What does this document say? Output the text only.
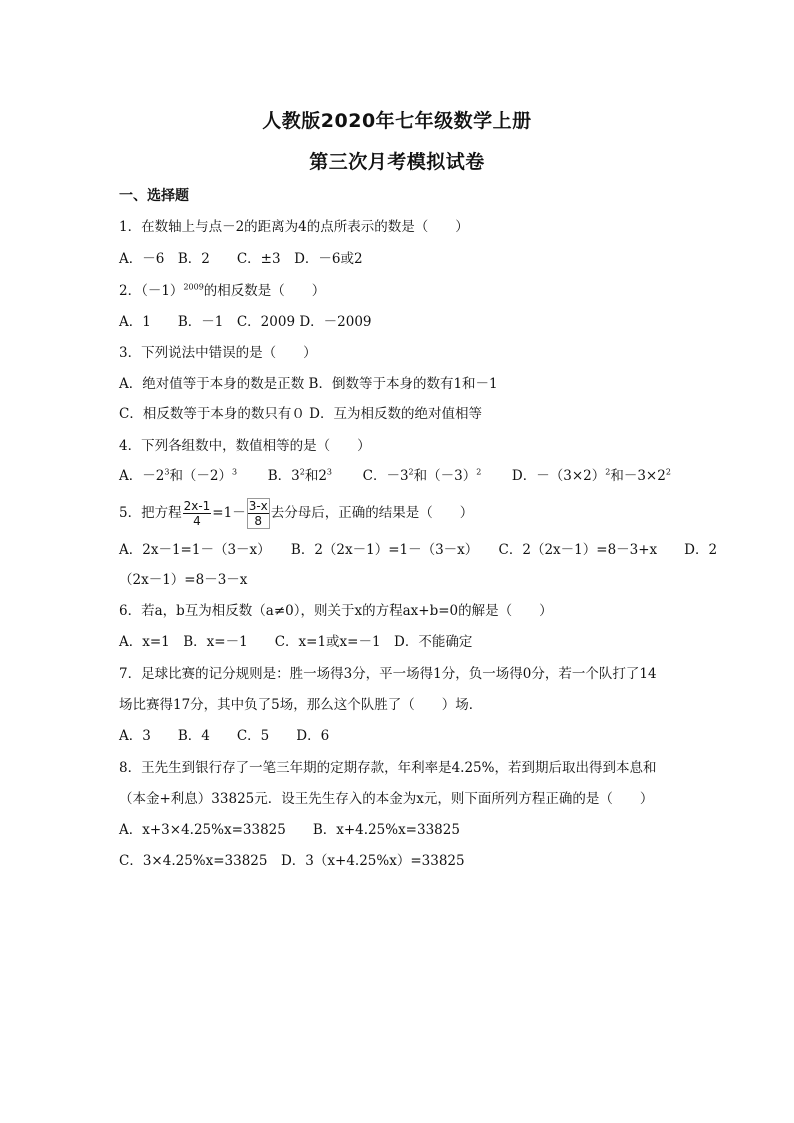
人教版2020年七年级数学上册
第三次月考模拟试卷
一、选择题
1．在数轴上与点－2的距离为4的点所表示的数是（　　）
A．－6　B．2　　C．±3　D．－6或2
2．$(-1)^{2009}$的相反数是（　　）
A．1　　B．－1　C．2009 D．－2009
3．下列说法中错误的是（　　）
A．绝对值等于本身的数是正数 B．倒数等于本身的数有1和－1
C．相反数等于本身的数只有０ D．互为相反数的绝对值相等
4．下列各组数中，数值相等的是（　　）
A．$-2^3$和$(-2)^3$ B．$3^2$和$2^3$ C．$-3^2$和$(-3)^2$ D．$-(3\times 2)^2$和$-3\times 2^2$
5．把方程 $\frac{2x-1}{4} =1- \frac{3-x}{8}$ 去分母后，正确的结果是（　　）
A．2x－1=1－（3－x）　　B．2（2x－1）=1－（3－x）　　C．2（2x－1）=8－3+x　　D．2
（2x－1）=8－3－x
6．若a，b互为相反数（a≠0），则关于x的方程ax+b=0的解是（　　）
A．x=1　B．x=－1　　C．x=1或x=－1　D．不能确定
7．足球比赛的记分规则是：胜一场得3分，平一场得1分，负一场得0分，若一个队打了14
场比赛得17分，其中负了5场，那么这个队胜了（　　）场．
A．3　　B．4　　C．5　　D．6
8．王先生到银行存了一笔三年期的定期存款，年利率是4.25%，若到期后取出得到本息和
（本金+利息）33825元．设王先生存入的本金为x元，则下面所列方程正确的是（　　）
A．x+3×4.25%x=33825　　B．x+4.25%x=33825
C．3×4.25%x=33825　D．3（x+4.25%x）=33825
